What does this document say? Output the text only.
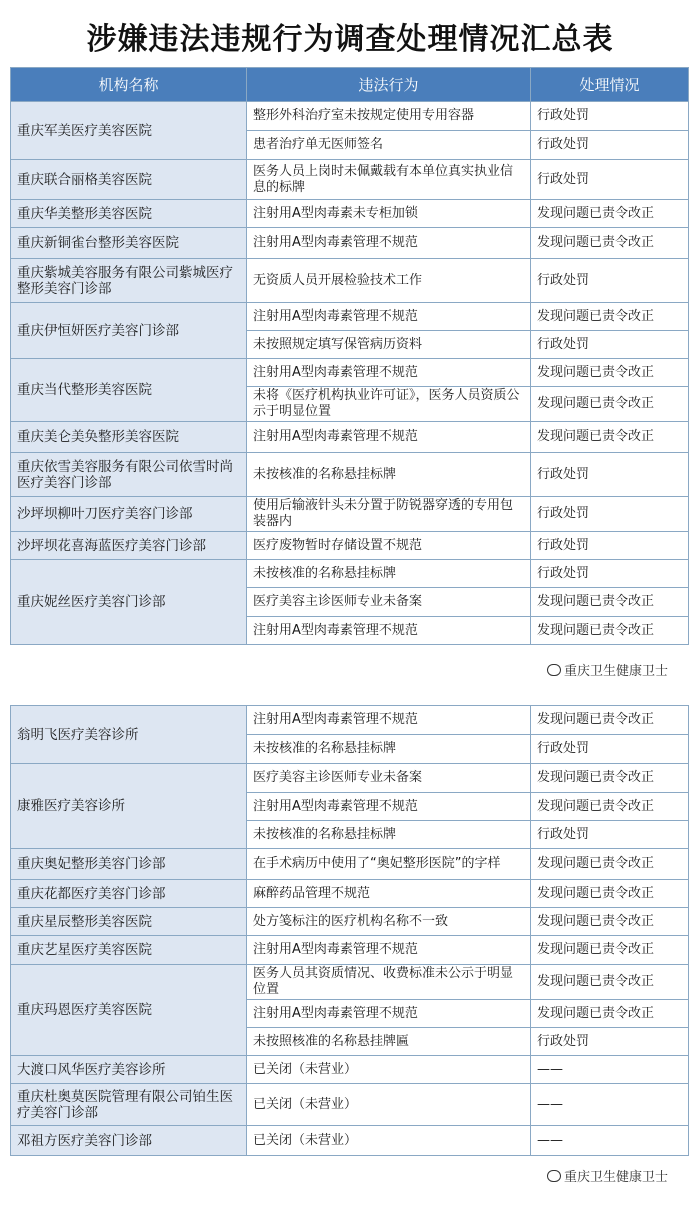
涉嫌违法违规行为调查处理情况汇总表
机构名称	违法行为	处理情况
重庆军美医疗美容医院	整形外科治疗室未按规定使用专用容器	行政处罚
	患者治疗单无医师签名	行政处罚
重庆联合丽格美容医院	医务人员上岗时未佩戴载有本单位真实执业信息的标牌	行政处罚
重庆华美整形美容医院	注射用A型肉毒素未专柜加锁	发现问题已责令改正
重庆新铜雀台整形美容医院	注射用A型肉毒素管理不规范	发现问题已责令改正
重庆紫城美容服务有限公司紫城医疗整形美容门诊部	无资质人员开展检验技术工作	行政处罚
重庆伊恒妍医疗美容门诊部	注射用A型肉毒素管理不规范	发现问题已责令改正
	未按照规定填写保管病历资料	行政处罚
重庆当代整形美容医院	注射用A型肉毒素管理不规范	发现问题已责令改正
	未将《医疗机构执业许可证》，医务人员资质公示于明显位置	发现问题已责令改正
重庆美仑美奂整形美容医院	注射用A型肉毒素管理不规范	发现问题已责令改正
重庆依雪美容服务有限公司依雪时尚医疗美容门诊部	未按核准的名称悬挂标牌	行政处罚
沙坪坝柳叶刀医疗美容门诊部	使用后输液针头未分置于防锐器穿透的专用包装器内	行政处罚
沙坪坝花喜海蓝医疗美容门诊部	医疗废物暂时存储设置不规范	行政处罚
重庆妮丝医疗美容门诊部	未按核准的名称悬挂标牌	行政处罚
	医疗美容主诊医师专业未备案	发现问题已责令改正
	注射用A型肉毒素管理不规范	发现问题已责令改正
翁明飞医疗美容诊所	注射用A型肉毒素管理不规范	发现问题已责令改正
	未按核准的名称悬挂标牌	行政处罚
康雅医疗美容诊所	医疗美容主诊医师专业未备案	发现问题已责令改正
	注射用A型肉毒素管理不规范	发现问题已责令改正
	未按核准的名称悬挂标牌	行政处罚
重庆奥妃整形美容门诊部	在手术病历中使用了“奥妃整形医院”的字样	发现问题已责令改正
重庆花都医疗美容门诊部	麻醉药品管理不规范	发现问题已责令改正
重庆星辰整形美容医院	处方笺标注的医疗机构名称不一致	发现问题已责令改正
重庆艺星医疗美容医院	注射用A型肉毒素管理不规范	发现问题已责令改正
重庆玛恩医疗美容医院	医务人员其资质情况、收费标准未公示于明显位置	发现问题已责令改正
	注射用A型肉毒素管理不规范	发现问题已责令改正
	未按照核准的名称悬挂牌匾	行政处罚
大渡口风华医疗美容诊所	已关闭（未营业）	——
重庆杜奥莫医院管理有限公司铂生医疗美容门诊部	已关闭（未营业）	——
邓祖方医疗美容门诊部	已关闭（未营业）	——
重庆卫生健康卫士
重庆卫生健康卫士
